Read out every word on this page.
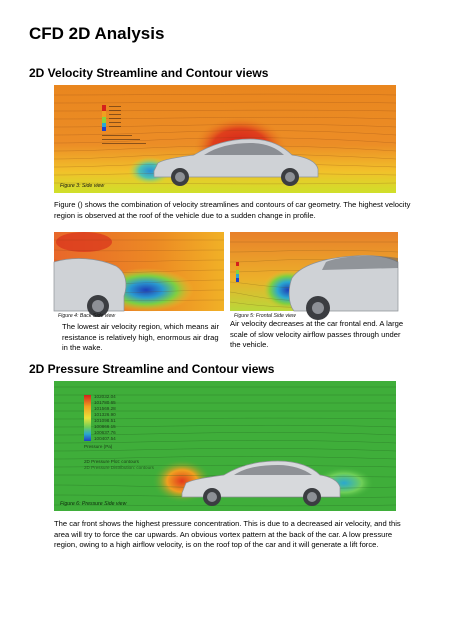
CFD 2D Analysis
2D Velocity Streamline and Contour views
Figure 3: Side view

Figure () shows the combination of velocity streamlines and contours of car geometry. The highest velocity region is observed at the roof of the vehicle due to a sudden change in profile.

Figure 4: Back Side view	Figure 5: Frontal Side view

The lowest air velocity region, which means air resistance is relatively high, enormous air drag in the wake.

Air velocity decreases at the car frontal end. A large scale of slow velocity airflow passes through under the vehicle.

2D Pressure Streamline and Contour views
102032.04
101780.65
101569.28
101326.90
101098.51
100866.15
100637.76
100407.54
Pressure (Pa)
2D Pressure Plot: contours
2D Pressure Distribution: contours
Figure 6: Pressure Side view

The car front shows the highest pressure concentration. This is due to a decreased air velocity, and this area will try to force the car upwards. An obvious vortex pattern at the back of the car. A low pressure region, owing to a high airflow velocity, is on the roof top of the car and it will generate a lift force.
